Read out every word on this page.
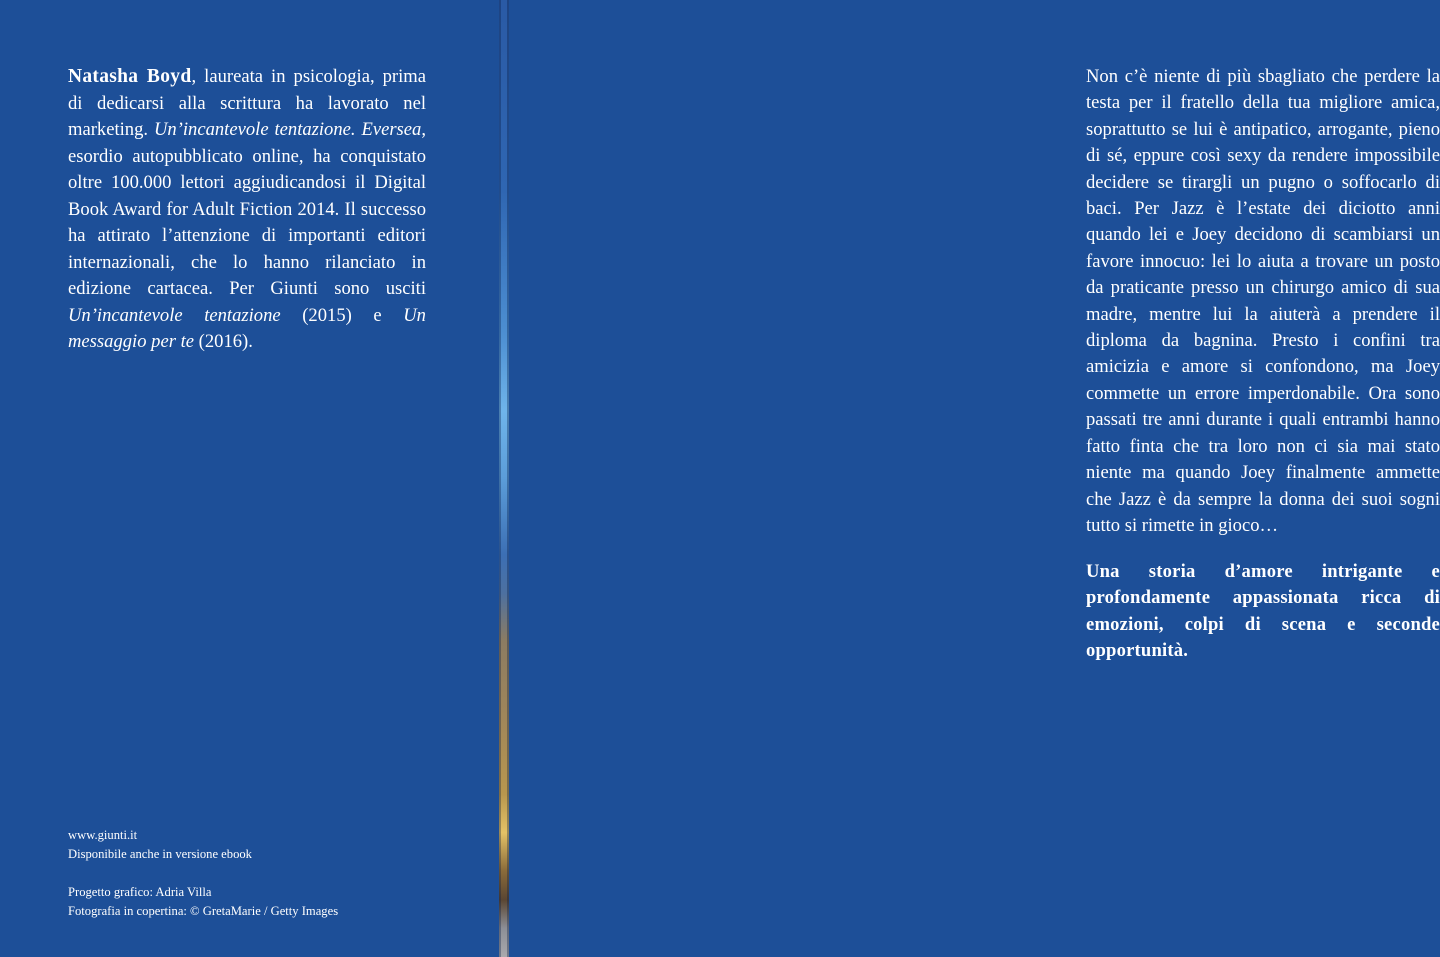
Natasha Boyd, laureata in psicologia, prima di dedicarsi alla scrittura ha lavorato nel marketing. Un’incantevole tentazione. Eversea, esordio autopubblicato online, ha conquistato oltre 100.000 lettori aggiudicandosi il Digital Book Award for Adult Fiction 2014. Il successo ha attirato l’attenzione di importanti editori internazionali, che lo hanno rilanciato in edizione cartacea. Per Giunti sono usciti Un’incantevole tentazione (2015) e Un messaggio per te (2016).

www.giunti.it

Disponibile anche in versione ebook

Progetto grafico: Adria Villa

Fotografia in copertina: © GretaMarie / Getty Images

Non c’è niente di più sbagliato che perdere la testa per il fratello della tua migliore amica, soprattutto se lui è antipatico, arrogante, pieno di sé, eppure così sexy da rendere impossibile decidere se tirargli un pugno o soffocarlo di baci. Per Jazz è l’estate dei diciotto anni quando lei e Joey decidono di scambiarsi un favore innocuo: lei lo aiuta a trovare un posto da praticante presso un chirurgo amico di sua madre, mentre lui la aiuterà a prendere il diploma da bagnina. Presto i confini tra amicizia e amore si confondono, ma Joey commette un errore imperdonabile. Ora sono passati tre anni durante i quali entrambi hanno fatto finta che tra loro non ci sia mai stato niente ma quando Joey finalmente ammette che Jazz è da sempre la donna dei suoi sogni tutto si rimette in gioco…

Una storia d’amore intrigante e profondamente appassionata ricca di emozioni, colpi di scena e seconde opportunità.
